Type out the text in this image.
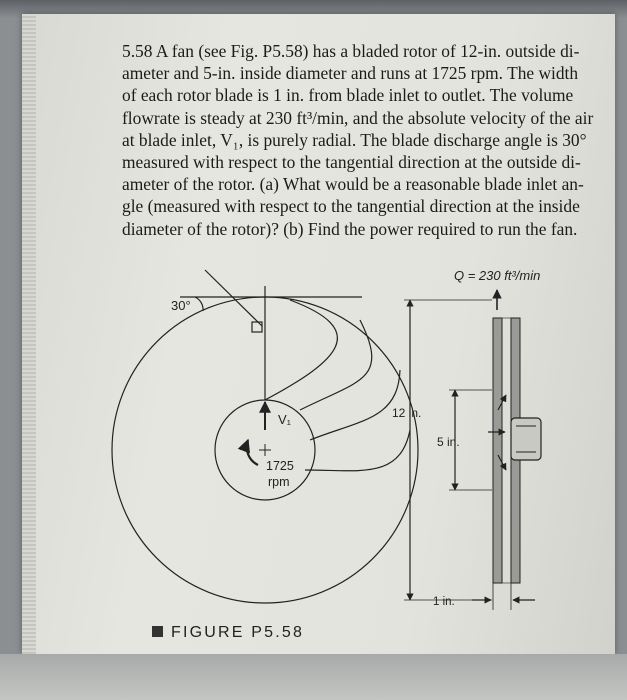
5.58 A fan (see Fig. P5.58) has a bladed rotor of 12-in. outside di-
ameter and 5-in. inside diameter and runs at 1725 rpm. The width
of each rotor blade is 1 in. from blade inlet to outlet. The volume
flowrate is steady at 230 ft³/min, and the absolute velocity of the air
at blade inlet, V₁, is purely radial. The blade discharge angle is 30°
measured with respect to the tangential direction at the outside di-
ameter of the rotor. (a) What would be a reasonable blade inlet an-
gle (measured with respect to the tangential direction at the inside
diameter of the rotor)? (b) Find the power required to run the fan.
30°
V₁
1725
rpm
Q = 230 ft³/min
12 in.
5 in.
1 in.
FIGURE P5.58
